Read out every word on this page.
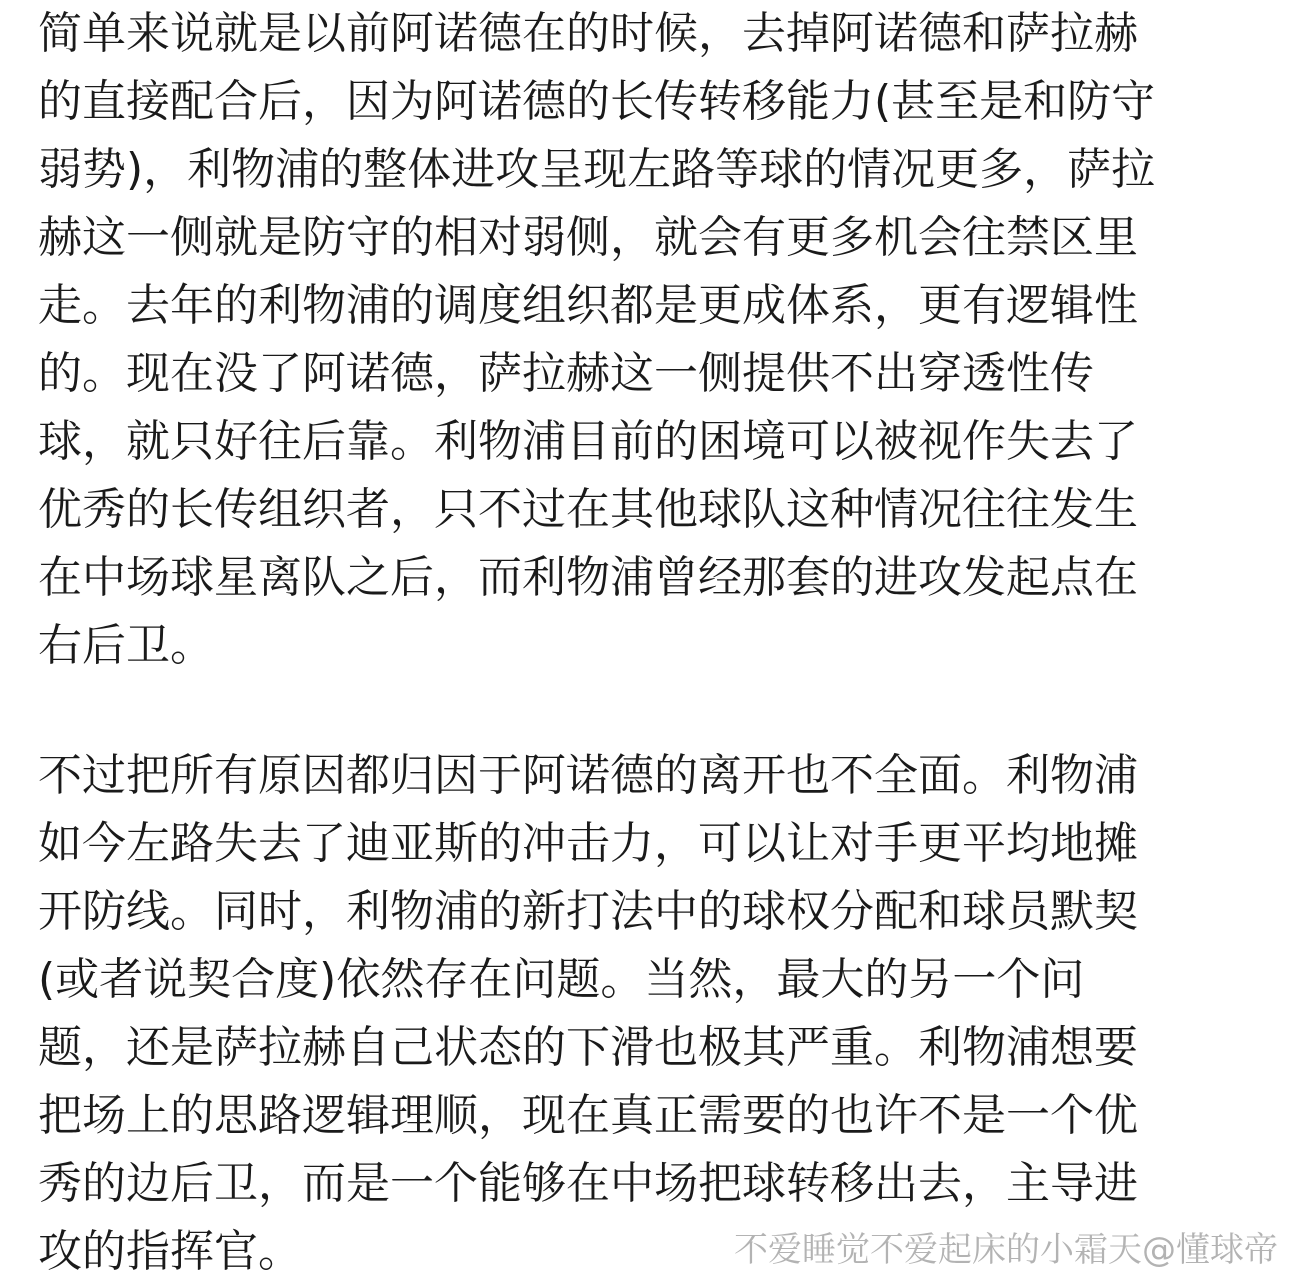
简单来说就是以前阿诺德在的时候，去掉阿诺德和萨拉赫
的直接配合后，因为阿诺德的长传转移能力(甚至是和防守
弱势)，利物浦的整体进攻呈现左路等球的情况更多，萨拉
赫这一侧就是防守的相对弱侧，就会有更多机会往禁区里
走。去年的利物浦的调度组织都是更成体系，更有逻辑性
的。现在没了阿诺德，萨拉赫这一侧提供不出穿透性传
球，就只好往后靠。利物浦目前的困境可以被视作失去了
优秀的长传组织者，只不过在其他球队这种情况往往发生
在中场球星离队之后，而利物浦曾经那套的进攻发起点在
右后卫。
不过把所有原因都归因于阿诺德的离开也不全面。利物浦
如今左路失去了迪亚斯的冲击力，可以让对手更平均地摊
开防线。同时，利物浦的新打法中的球权分配和球员默契
(或者说契合度)依然存在问题。当然，最大的另一个问
题，还是萨拉赫自己状态的下滑也极其严重。利物浦想要
把场上的思路逻辑理顺，现在真正需要的也许不是一个优
秀的边后卫，而是一个能够在中场把球转移出去，主导进
攻的指挥官。	不爱睡觉不爱起床的小霜天@懂球帝
